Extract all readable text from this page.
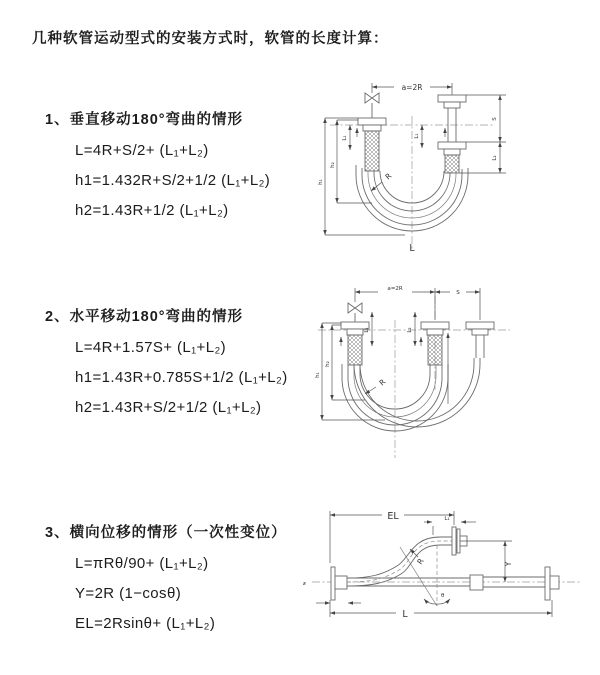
几种软管运动型式的安装方式时，软管的长度计算：
1、垂直移动180°弯曲的情形
L=4R+S/2+ (L₁+L₂)
h1=1.432R+S/2+1/2 (L₁+L₂)
h2=1.43R+1/2 (L₁+L₂)
2、水平移动180°弯曲的情形
L=4R+1.57S+ (L₁+L₂)
h1=1.43R+0.785S+1/2 (L₁+L₂)
h2=1.43R+S/2+1/2 (L₁+L₂)
3、横向位移的情形（一次性变位）
L=πRθ/90+ (L₁+L₂)
Y=2R (1−cosθ)
EL=2Rsinθ+ (L₁+L₂)
a=2R
R
L
h₁
h₂
L₁	L₁
S
L₂
a=2R
S
R
h₁
h₂
L₁	L₂
ƶ
θ
R
EL	L₁
Y
L
